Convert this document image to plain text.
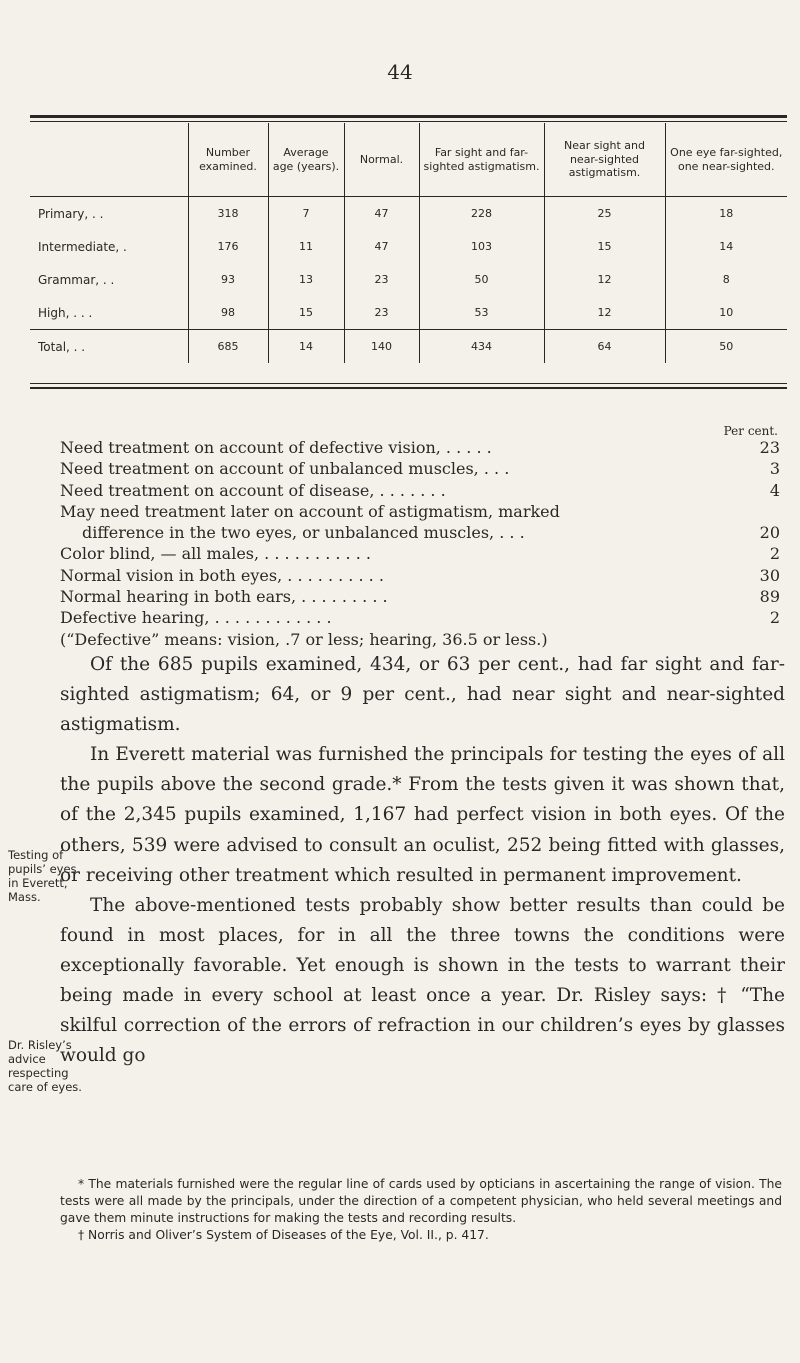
44
	Number examined.	Average age (years).	Normal.	Far sight and far-sighted astigmatism.	Near sight and near-sighted astigmatism.	One eye far-sighted, one near-sighted.
Primary, . .	318	7	47	228	25	18
Intermediate, .	176	11	47	103	15	14
Grammar, . .	93	13	23	50	12	8
High, . . .	98	15	23	53	12	10
Total, . .	685	14	140	434	64	50
Per cent.
Need treatment on account of defective vision, . . . . .	23
Need treatment on account of unbalanced muscles, . . .	3
Need treatment on account of disease, . . . . . . .	4
May need treatment later on account of astigmatism, marked
difference in the two eyes, or unbalanced muscles, . . .	20
Color blind, — all males, . . . . . . . . . . .	2
Normal vision in both eyes, . . . . . . . . . .	30
Normal hearing in both ears, . . . . . . . . .	89
Defective hearing, . . . . . . . . . . . .	2
(“Defective” means: vision, .7 or less; hearing, 36.5 or less.)

Of the 685 pupils examined, 434, or 63 per cent., had far sight and far-sighted astigmatism; 64, or 9 per cent., had near sight and near-sighted astigmatism.

In Everett material was furnished the principals for testing the eyes of all the pupils above the second grade.* From the tests given it was shown that, of the 2,345 pupils examined, 1,167 had perfect vision in both eyes. Of the others, 539 were advised to consult an oculist, 252 being fitted with glasses, or receiving other treatment which resulted in permanent improvement.

The above-mentioned tests probably show better results than could be found in most places, for in all the three towns the conditions were exceptionally favorable. Yet enough is shown in the tests to warrant their being made in every school at least once a year. Dr. Risley says: † “The skilful correction of the errors of refraction in our children’s eyes by glasses would go

Testing of pupils’ eyes in Everett, Mass.
Dr. Risley’s advice respecting care of eyes.

* The materials furnished were the regular line of cards used by opticians in ascertaining the range of vision. The tests were all made by the principals, under the direction of a competent physician, who held several meetings and gave them minute instructions for making the tests and recording results.

† Norris and Oliver’s System of Diseases of the Eye, Vol. II., p. 417.
